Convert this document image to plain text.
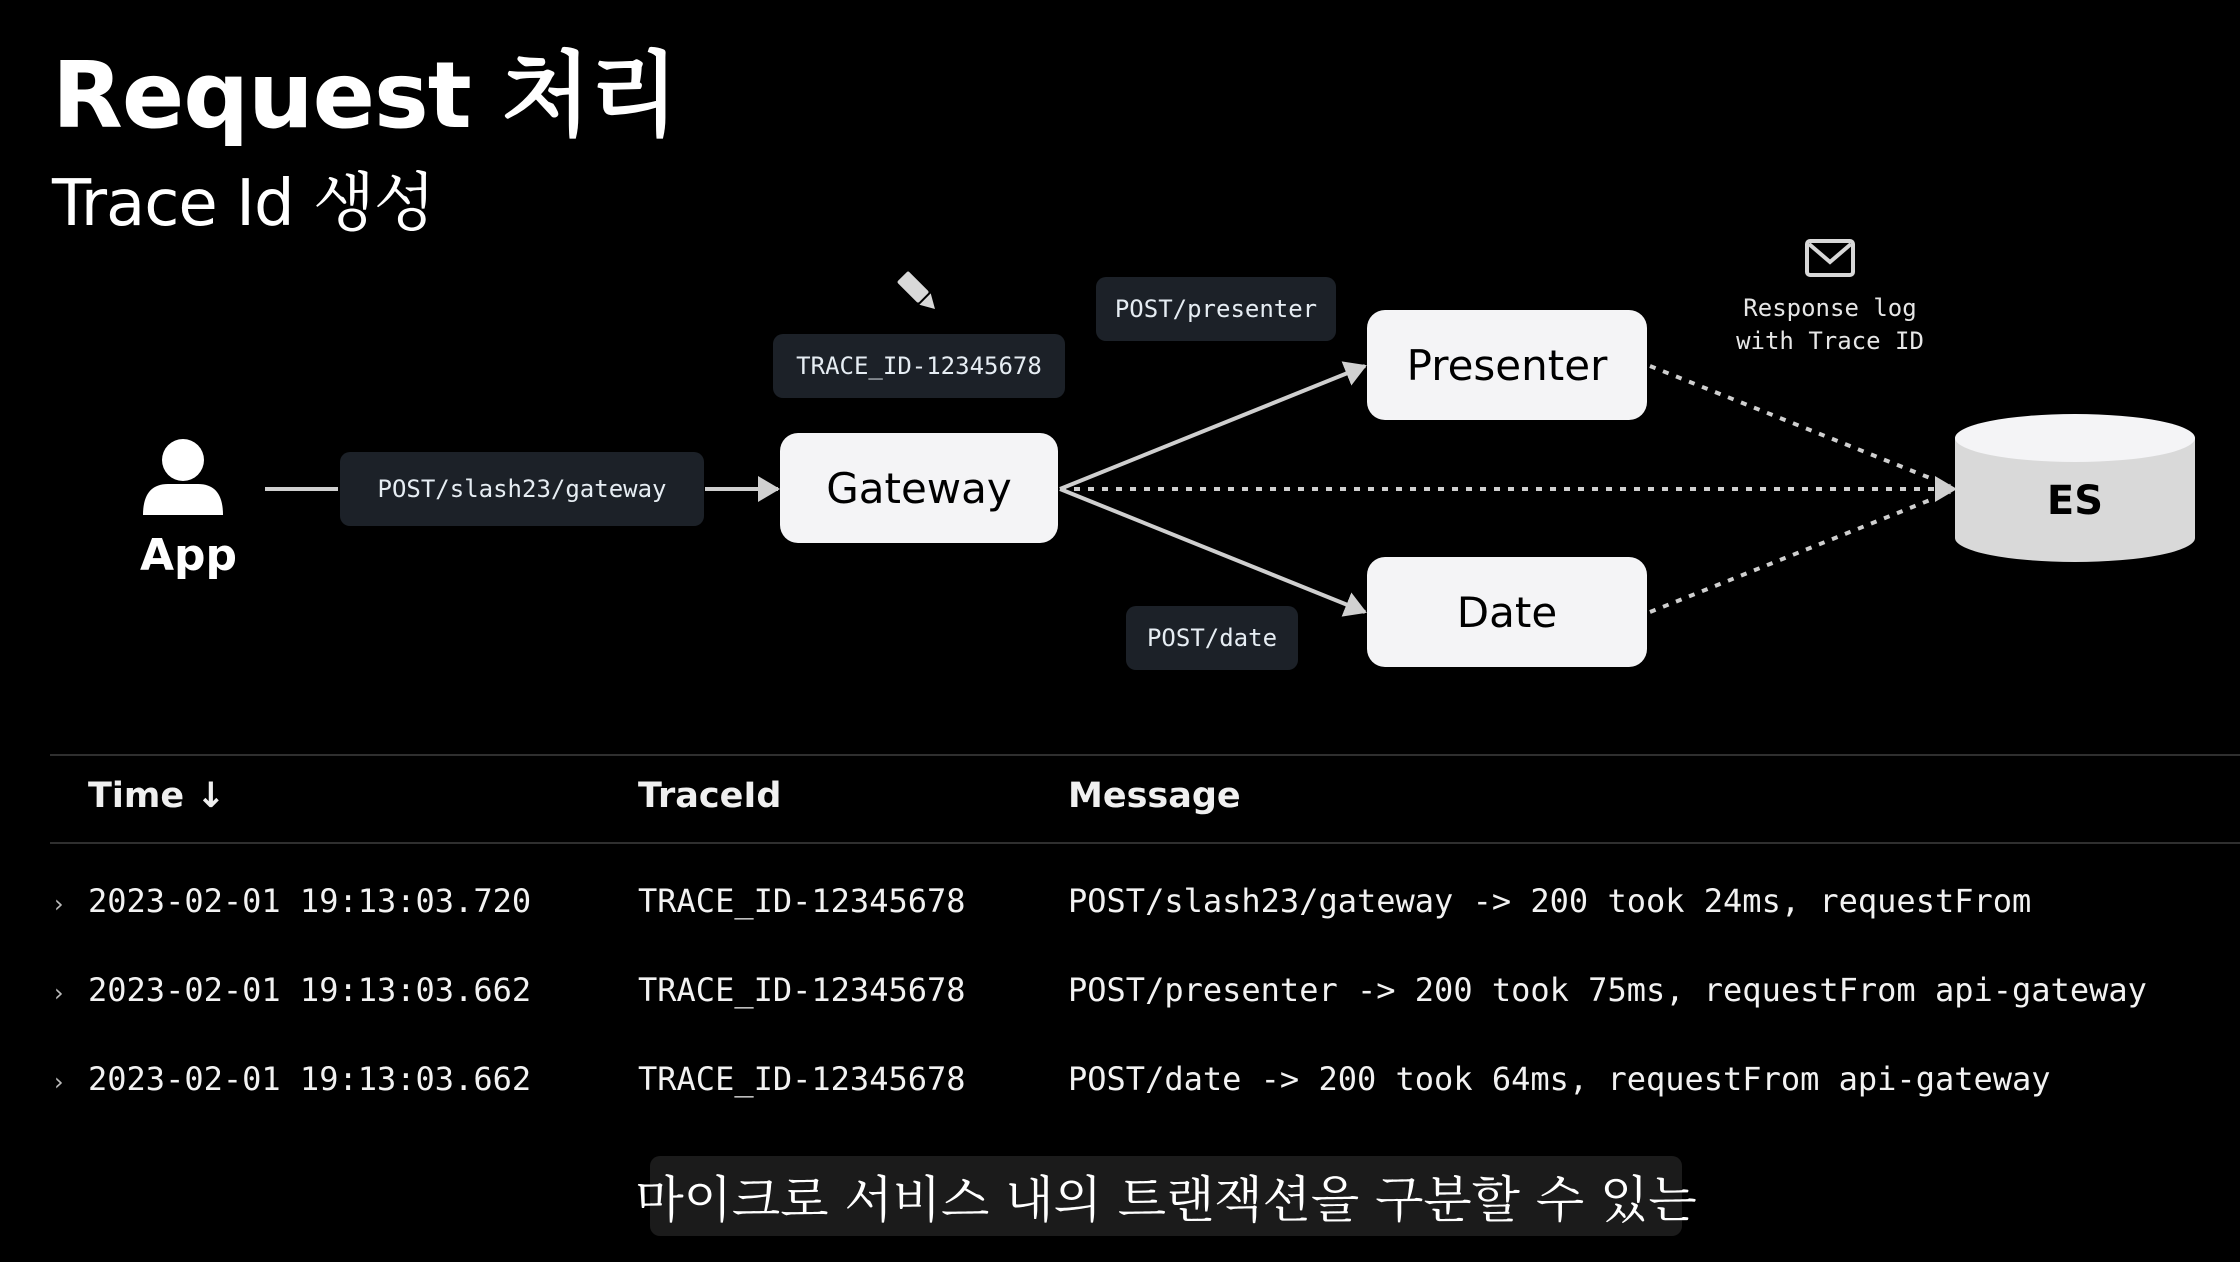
Request 처리
Trace Id 생성
POST/slash23/gateway
TRACE_ID-12345678
Gateway
POST/presenter
Presenter
POST/date
Date
App
Response log
with Trace ID
ES
Time ↓	TraceId	Message
› 2023-02-01 19:13:03.720	TRACE_ID-12345678	POST/slash23/gateway -> 200 took 24ms, requestFrom
› 2023-02-01 19:13:03.662	TRACE_ID-12345678	POST/presenter -> 200 took 75ms, requestFrom api-gateway
› 2023-02-01 19:13:03.662	TRACE_ID-12345678	POST/date -> 200 took 64ms, requestFrom api-gateway
마이크로 서비스 내의 트랜잭션을 구분할 수 있는
